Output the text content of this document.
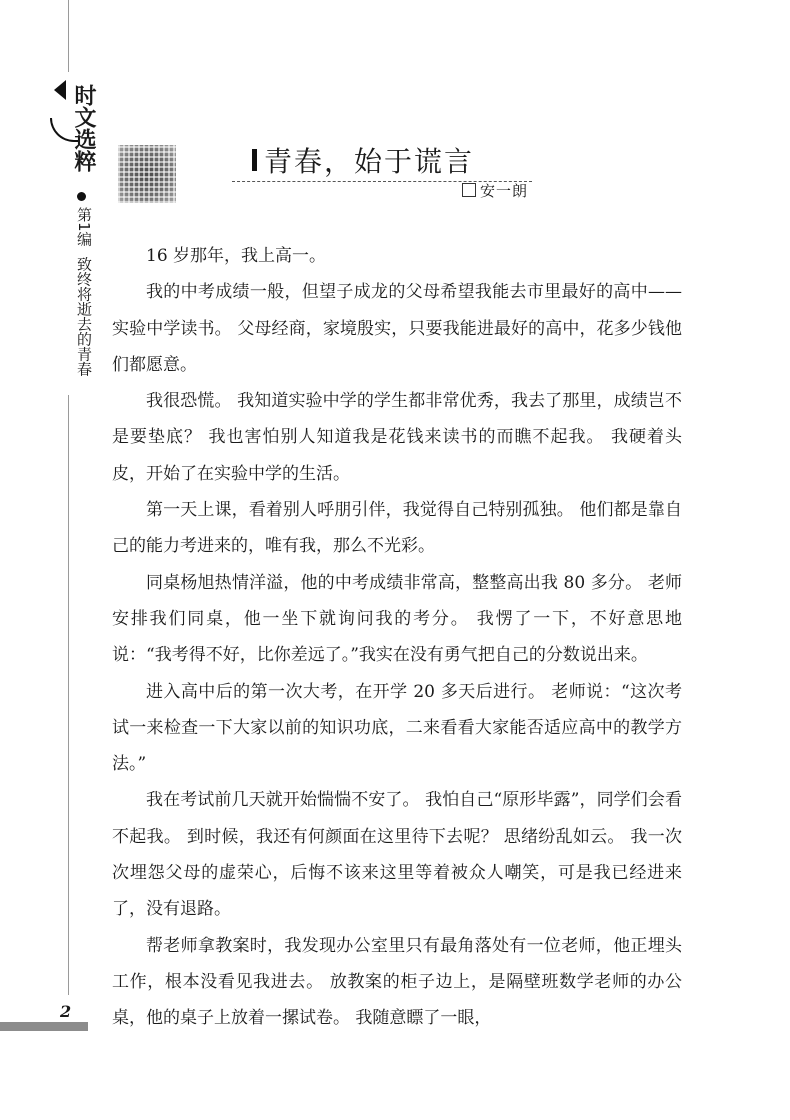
时文选粹
第1编致终将逝去的青春
青春，始于谎言
安一朗

16 岁那年，我上高一。

我的中考成绩一般，但望子成龙的父母希望我能去市里最好的高中——实验中学读书。 父母经商，家境殷实，只要我能进最好的高中，花多少钱他们都愿意。

我很恐慌。 我知道实验中学的学生都非常优秀，我去了那里，成绩岂不是要垫底？ 我也害怕别人知道我是花钱来读书的而瞧不起我。 我硬着头皮，开始了在实验中学的生活。

第一天上课，看着别人呼朋引伴，我觉得自己特别孤独。 他们都是靠自己的能力考进来的，唯有我，那么不光彩。

同桌杨旭热情洋溢，他的中考成绩非常高，整整高出我 80 多分。 老师安排我们同桌，他一坐下就询问我的考分。 我愣了一下，不好意思地说：“我考得不好，比你差远了。”我实在没有勇气把自己的分数说出来。

进入高中后的第一次大考，在开学 20 多天后进行。 老师说：“这次考试一来检查一下大家以前的知识功底，二来看看大家能否适应高中的教学方法。”

我在考试前几天就开始惴惴不安了。 我怕自己“原形毕露”，同学们会看不起我。 到时候，我还有何颜面在这里待下去呢？ 思绪纷乱如云。 我一次次埋怨父母的虚荣心，后悔不该来这里等着被众人嘲笑，可是我已经进来了，没有退路。

帮老师拿教案时，我发现办公室里只有最角落处有一位老师，他正埋头工作，根本没看见我进去。 放教案的柜子边上，是隔壁班数学老师的办公桌，他的桌子上放着一摞试卷。 我随意瞟了一眼，

2
